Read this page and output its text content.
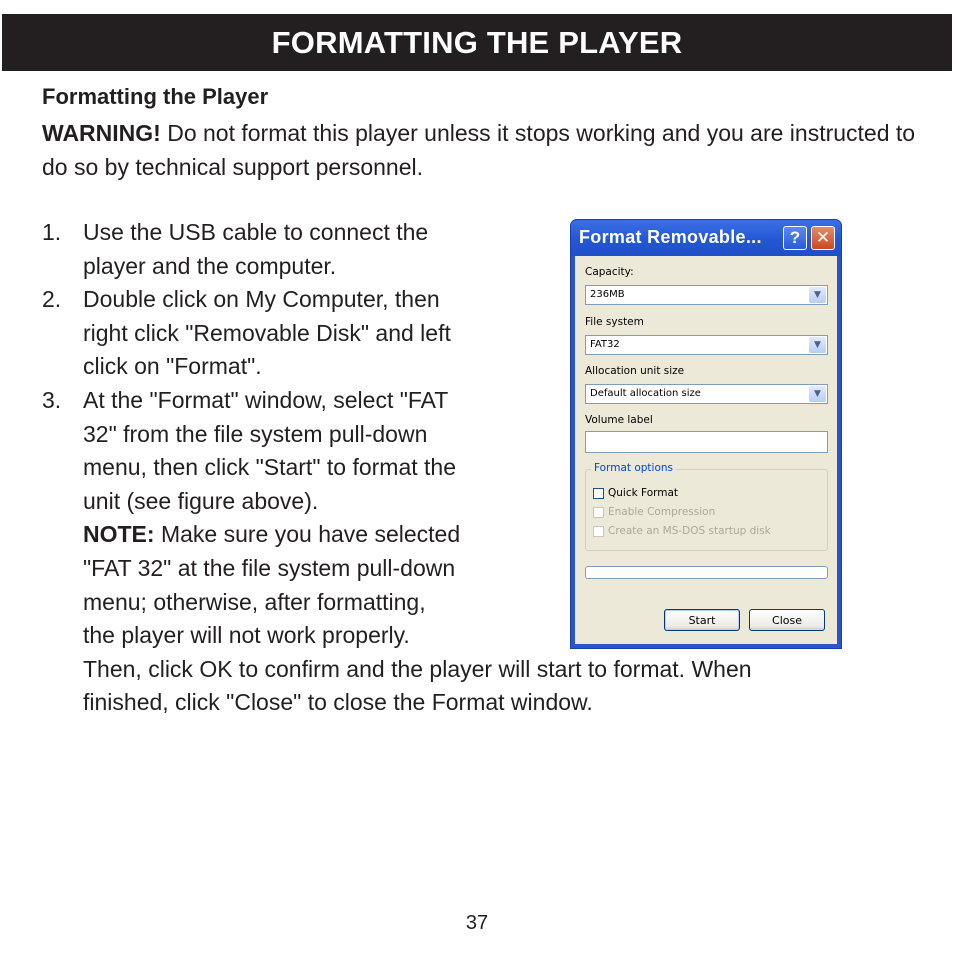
FORMATTING THE PLAYER
Formatting the Player
WARNING! Do not format this player unless it stops working and you are instructed to do so by technical support personnel.
1. Use the USB cable to connect the
player and the computer.
2. Double click on My Computer, then
right click "Removable Disk" and left
click on "Format".
3. At the "Format" window, select "FAT
32" from the file system pull-down
menu, then click "Start" to format the
unit (see figure above).
NOTE: Make sure you have selected
"FAT 32" at the file system pull-down
menu; otherwise, after formatting,
the player will not work properly.
Then, click OK to confirm and the player will start to format. When
finished, click "Close" to close the Format window.
Format Removable...	? ✕
Capacity:
236MB	▼
File system
FAT32	▼
Allocation unit size
Default allocation size	▼
Volume label
Format options
Quick Format
Enable Compression
Create an MS-DOS startup disk
Start	Close
37
